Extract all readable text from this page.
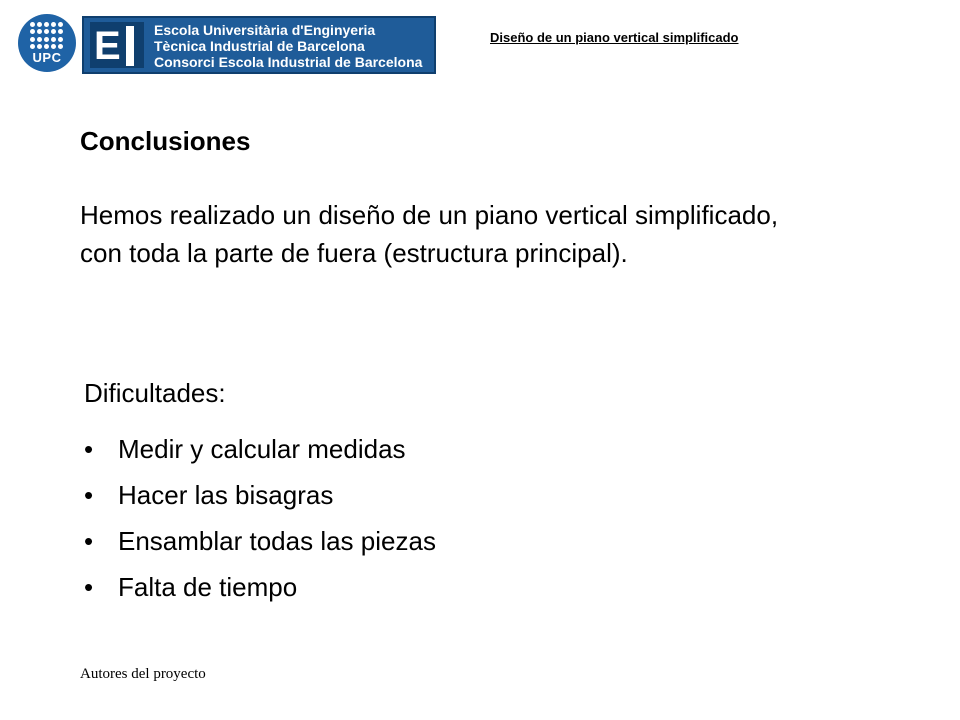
UPC E Escola Universitària d'Enginyeria
Tècnica Industrial de Barcelona
Consorci Escola Industrial de Barcelona
Diseño de un piano vertical simplificado
Conclusiones
Hemos realizado un diseño de un piano vertical simplificado, con toda la parte de fuera (estructura principal).
Dificultades:
• Medir y calcular medidas
• Hacer las bisagras
• Ensamblar todas las piezas
• Falta de tiempo
Autores del proyecto
